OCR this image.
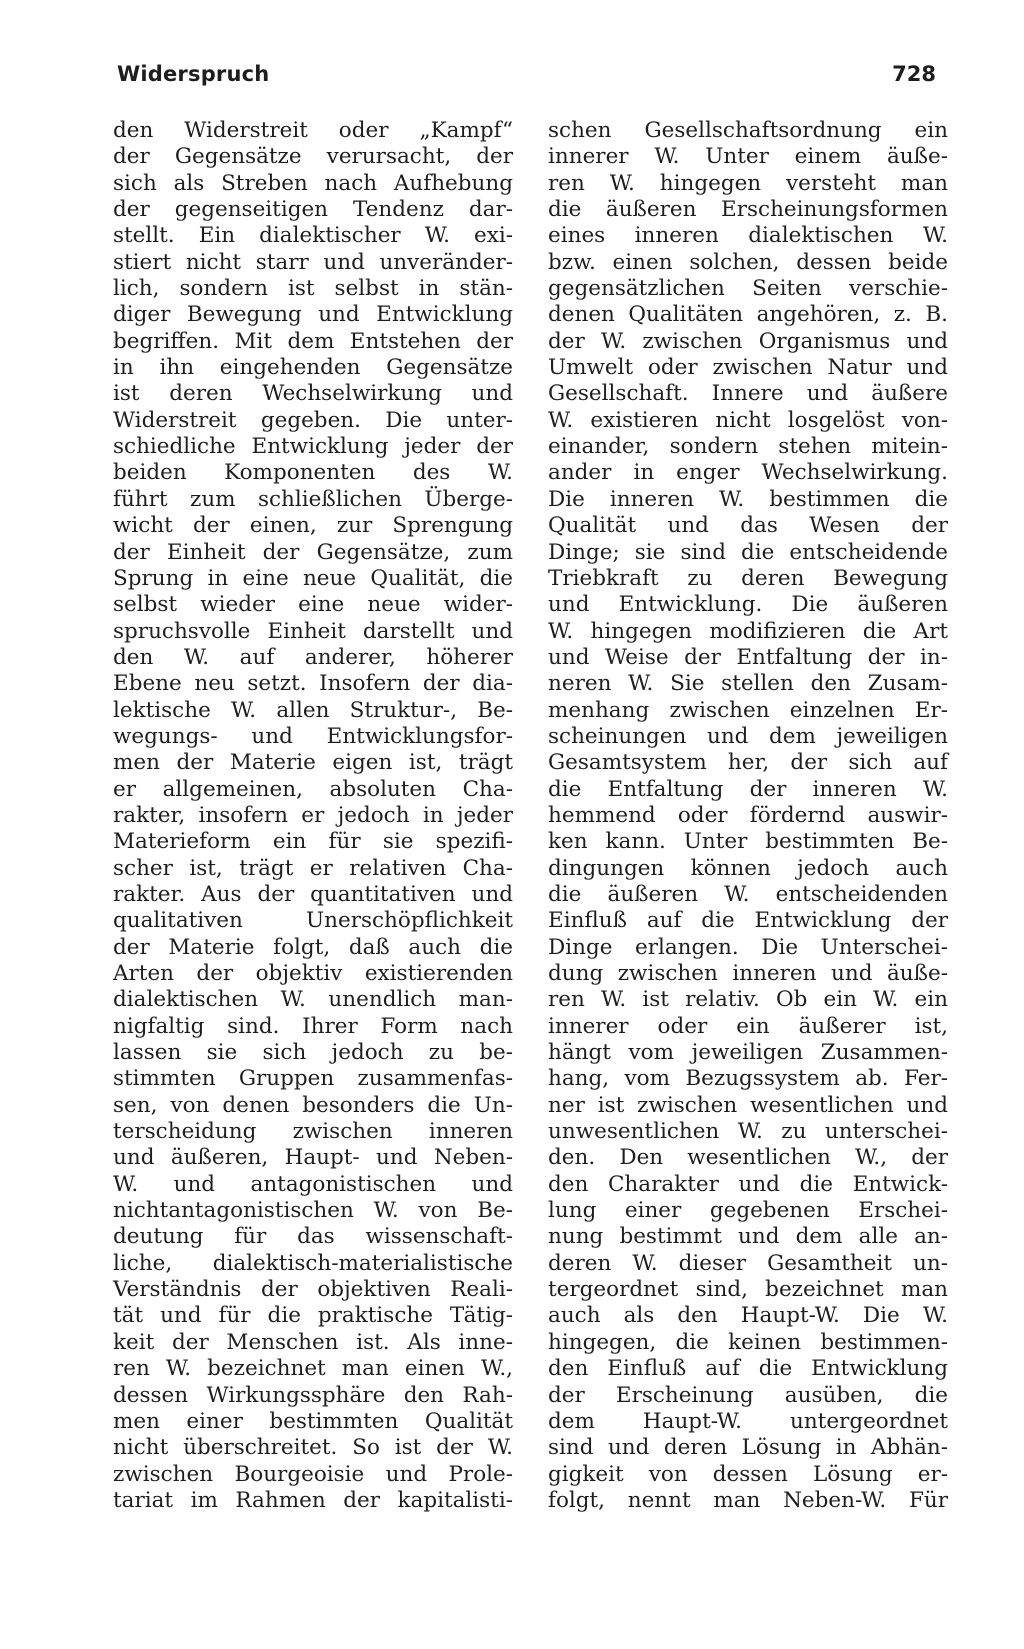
Widerspruch	728
den Widerstreit oder „Kampf“
der Gegensätze verursacht, der
sich als Streben nach Aufhebung
der gegenseitigen Tendenz dar-
stellt. Ein dialektischer W. exi-
stiert nicht starr und unveränder-
lich, sondern ist selbst in stän-
diger Bewegung und Entwicklung
begriffen. Mit dem Entstehen der
in ihn eingehenden Gegensätze
ist deren Wechselwirkung und
Widerstreit gegeben. Die unter-
schiedliche Entwicklung jeder der
beiden Komponenten des W.
führt zum schließlichen Überge-
wicht der einen, zur Sprengung
der Einheit der Gegensätze, zum
Sprung in eine neue Qualität, die
selbst wieder eine neue wider-
spruchsvolle Einheit darstellt und
den W. auf anderer, höherer
Ebene neu setzt. Insofern der dia-
lektische W. allen Struktur-, Be-
wegungs- und Entwicklungsfor-
men der Materie eigen ist, trägt
er allgemeinen, absoluten Cha-
rakter, insofern er jedoch in jeder
Materieform ein für sie spezifi-
scher ist, trägt er relativen Cha-
rakter. Aus der quantitativen und
qualitativen Unerschöpflichkeit
der Materie folgt, daß auch die
Arten der objektiv existierenden
dialektischen W. unendlich man-
nigfaltig sind. Ihrer Form nach
lassen sie sich jedoch zu be-
stimmten Gruppen zusammenfas-
sen, von denen besonders die Un-
terscheidung zwischen inneren
und äußeren, Haupt- und Neben-
W. und antagonistischen und
nichtantagonistischen W. von Be-
deutung für das wissenschaft-
liche, dialektisch-materialistische
Verständnis der objektiven Reali-
tät und für die praktische Tätig-
keit der Menschen ist. Als inne-
ren W. bezeichnet man einen W.,
dessen Wirkungssphäre den Rah-
men einer bestimmten Qualität
nicht überschreitet. So ist der W.
zwischen Bourgeoisie und Prole-
tariat im Rahmen der kapitalisti-
schen Gesellschaftsordnung ein
innerer W. Unter einem äuße-
ren W. hingegen versteht man
die äußeren Erscheinungsformen
eines inneren dialektischen W.
bzw. einen solchen, dessen beide
gegensätzlichen Seiten verschie-
denen Qualitäten angehören, z. B.
der W. zwischen Organismus und
Umwelt oder zwischen Natur und
Gesellschaft. Innere und äußere
W. existieren nicht losgelöst von-
einander, sondern stehen mitein-
ander in enger Wechselwirkung.
Die inneren W. bestimmen die
Qualität und das Wesen der
Dinge; sie sind die entscheidende
Triebkraft zu deren Bewegung
und Entwicklung. Die äußeren
W. hingegen modifizieren die Art
und Weise der Entfaltung der in-
neren W. Sie stellen den Zusam-
menhang zwischen einzelnen Er-
scheinungen und dem jeweiligen
Gesamtsystem her, der sich auf
die Entfaltung der inneren W.
hemmend oder fördernd auswir-
ken kann. Unter bestimmten Be-
dingungen können jedoch auch
die äußeren W. entscheidenden
Einfluß auf die Entwicklung der
Dinge erlangen. Die Unterschei-
dung zwischen inneren und äuße-
ren W. ist relativ. Ob ein W. ein
innerer oder ein äußerer ist,
hängt vom jeweiligen Zusammen-
hang, vom Bezugssystem ab. Fer-
ner ist zwischen wesentlichen und
unwesentlichen W. zu unterschei-
den. Den wesentlichen W., der
den Charakter und die Entwick-
lung einer gegebenen Erschei-
nung bestimmt und dem alle an-
deren W. dieser Gesamtheit un-
tergeordnet sind, bezeichnet man
auch als den Haupt-W. Die W.
hingegen, die keinen bestimmen-
den Einfluß auf die Entwicklung
der Erscheinung ausüben, die
dem Haupt-W. untergeordnet
sind und deren Lösung in Abhän-
gigkeit von dessen Lösung er-
folgt, nennt man Neben-W. Für
